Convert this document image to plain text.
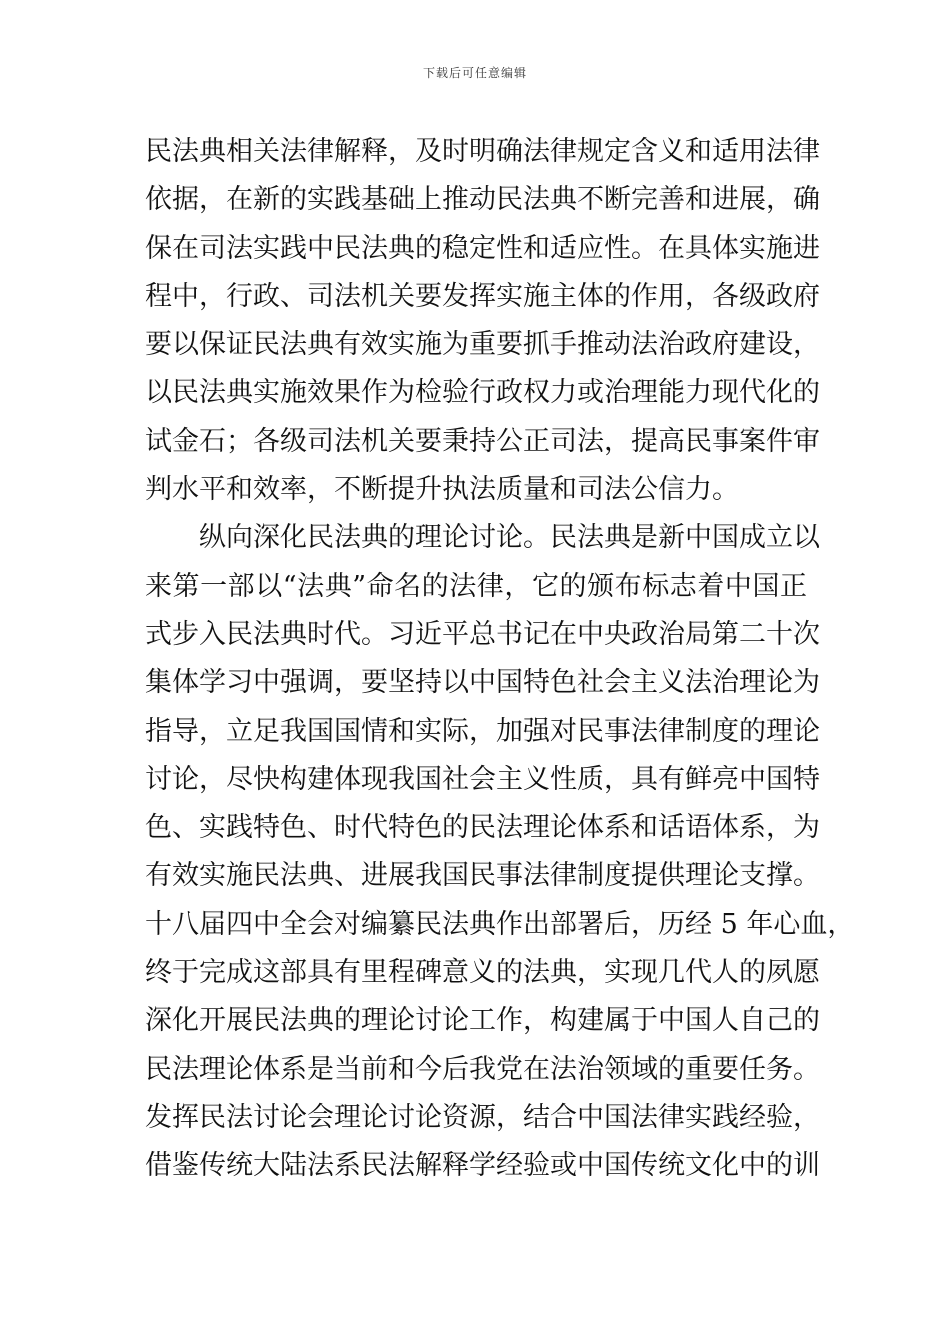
下载后可任意编辑
民法典相关法律解释，及时明确法律规定含义和适用法律
依据，在新的实践基础上推动民法典不断完善和进展，确
保在司法实践中民法典的稳定性和适应性。在具体实施进
程中，行政、司法机关要发挥实施主体的作用，各级政府
要以保证民法典有效实施为重要抓手推动法治政府建设，
以民法典实施效果作为检验行政权力或治理能力现代化的
试金石；各级司法机关要秉持公正司法，提高民事案件审
判水平和效率，不断提升执法质量和司法公信力。
纵向深化民法典的理论讨论。民法典是新中国成立以
来第一部以“法典”命名的法律，它的颁布标志着中国正
式步入民法典时代。习近平总书记在中央政治局第二十次
集体学习中强调，要坚持以中国特色社会主义法治理论为
指导，立足我国国情和实际，加强对民事法律制度的理论
讨论，尽快构建体现我国社会主义性质，具有鲜亮中国特
色、实践特色、时代特色的民法理论体系和话语体系，为
有效实施民法典、进展我国民事法律制度提供理论支撑。
十八届四中全会对编纂民法典作出部署后，历经 5 年心血，
终于完成这部具有里程碑意义的法典，实现几代人的夙愿
深化开展民法典的理论讨论工作，构建属于中国人自己的
民法理论体系是当前和今后我党在法治领域的重要任务。
发挥民法讨论会理论讨论资源，结合中国法律实践经验，
借鉴传统大陆法系民法解释学经验或中国传统文化中的训
